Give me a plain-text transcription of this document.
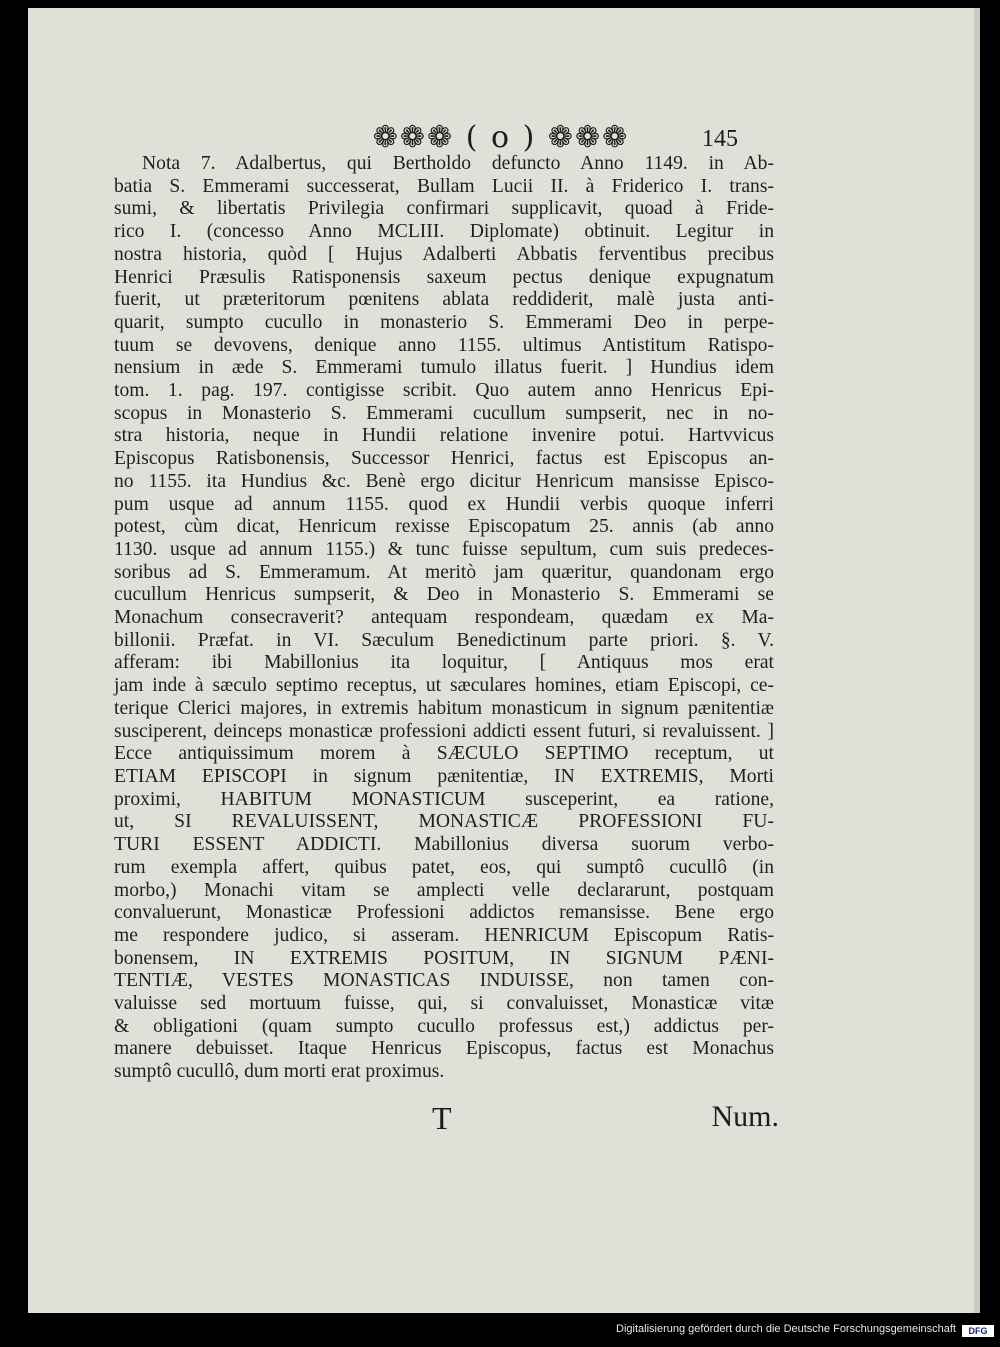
❁❁❁ ( o ) ❁❁❁	145
Nota 7. Adalbertus, qui Bertholdo defuncto Anno 1149. in Ab-
batia S. Emmerami successerat, Bullam Lucii II. à Friderico I. trans-
sumi, & libertatis Privilegia confirmari supplicavit, quoad à Fride-
rico I. (concesso Anno MCLIII. Diplomate) obtinuit. Legitur in
nostra historia, quòd [ Hujus Adalberti Abbatis ferventibus precibus
Henrici Præsulis Ratisponensis saxeum pectus denique expugnatum
fuerit, ut præteritorum pœnitens ablata reddiderit, malè justa anti-
quarit, sumpto cucullo in monasterio S. Emmerami Deo in perpe-
tuum se devovens, denique anno 1155. ultimus Antistitum Ratispo-
nensium in æde S. Emmerami tumulo illatus fuerit. ] Hundius idem
tom. 1. pag. 197. contigisse scribit. Quo autem anno Henricus Epi-
scopus in Monasterio S. Emmerami cucullum sumpserit, nec in no-
stra historia, neque in Hundii relatione invenire potui. Hartvvicus
Episcopus Ratisbonensis, Successor Henrici, factus est Episcopus an-
no 1155. ita Hundius &c. Benè ergo dicitur Henricum mansisse Episco-
pum usque ad annum 1155. quod ex Hundii verbis quoque inferri
potest, cùm dicat, Henricum rexisse Episcopatum 25. annis (ab anno
1130. usque ad annum 1155.) & tunc fuisse sepultum, cum suis predeces-
soribus ad S. Emmeramum. At meritò jam quæritur, quandonam ergo
cucullum Henricus sumpserit, & Deo in Monasterio S. Emmerami se
Monachum consecraverit? antequam respondeam, quædam ex Ma-
billonii. Præfat. in VI. Sæculum Benedictinum parte priori. §. V.
afferam: ibi Mabillonius ita loquitur, [ Antiquus mos erat
jam inde à sæculo septimo receptus, ut sæculares homines, etiam Episcopi, ce-
terique Clerici majores, in extremis habitum monasticum in signum pænitentiæ
susciperent, deinceps monasticæ professioni addicti essent futuri, si revaluissent. ]
Ecce antiquissimum morem à SÆCULO SEPTIMO receptum, ut
ETIAM EPISCOPI in signum pænitentiæ, IN EXTREMIS, Morti
proximi, HABITUM MONASTICUM susceperint, ea ratione,
ut, SI REVALUISSENT, MONASTICÆ PROFESSIONI FU-
TURI ESSENT ADDICTI. Mabillonius diversa suorum verbo-
rum exempla affert, quibus patet, eos, qui sumptô cucullô (in
morbo,) Monachi vitam se amplecti velle declararunt, postquam
convaluerunt, Monasticæ Professioni addictos remansisse. Bene ergo
me respondere judico, si asseram. HENRICUM Episcopum Ratis-
bonensem, IN EXTREMIS POSITUM, IN SIGNUM PÆNI-
TENTIÆ, VESTES MONASTICAS INDUISSE, non tamen con-
valuisse sed mortuum fuisse, qui, si convaluisset, Monasticæ vitæ
& obligationi (quam sumpto cucullo professus est,) addictus per-
manere debuisset. Itaque Henricus Episcopus, factus est Monachus
sumptô cucullô, dum morti erat proximus.
T	Num.
Digitalisierung gefördert durch die Deutsche Forschungsgemeinschaft	DFG
